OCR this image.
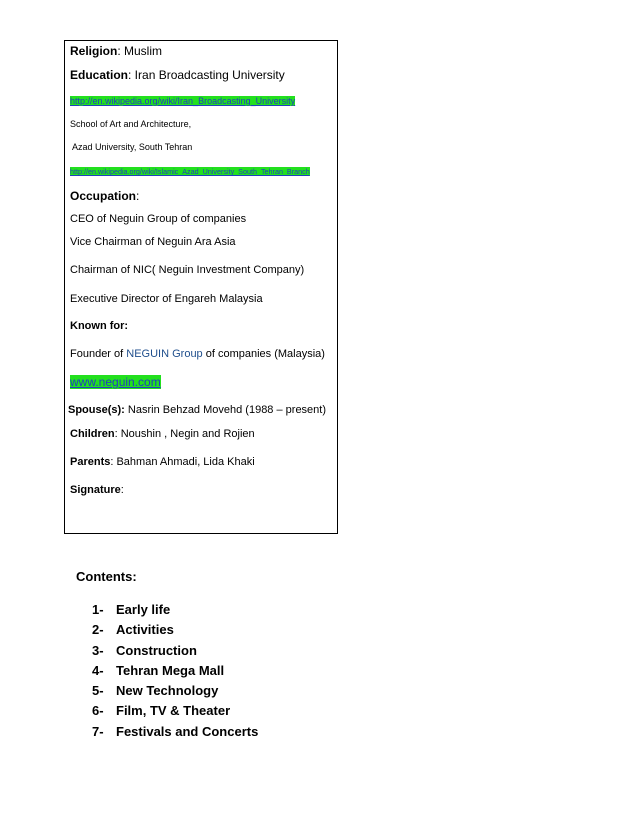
Religion: Muslim
Education: Iran Broadcasting University
http://en.wikipedia.org/wiki/Iran_Broadcasting_University
School of Art and Architecture,
Azad University, South Tehran
http://en.wikipedia.org/wiki/Islamic_Azad_University_South_Tehran_Branch
Occupation:
CEO of Neguin Group of companies
Vice Chairman of Neguin Ara Asia
Chairman of NIC( Neguin Investment Company)
Executive Director of Engareh Malaysia
Known for:
Founder of NEGUIN Group of companies (Malaysia)
www.neguin.com
Spouse(s): Nasrin Behzad Movehd (1988 – present)
Children: Noushin , Negin and Rojien
Parents: Bahman Ahmadi, Lida Khaki
Signature:
Contents:
1- Early life
2- Activities
3- Construction
4- Tehran Mega Mall
5- New Technology
6- Film, TV & Theater
7- Festivals and Concerts
